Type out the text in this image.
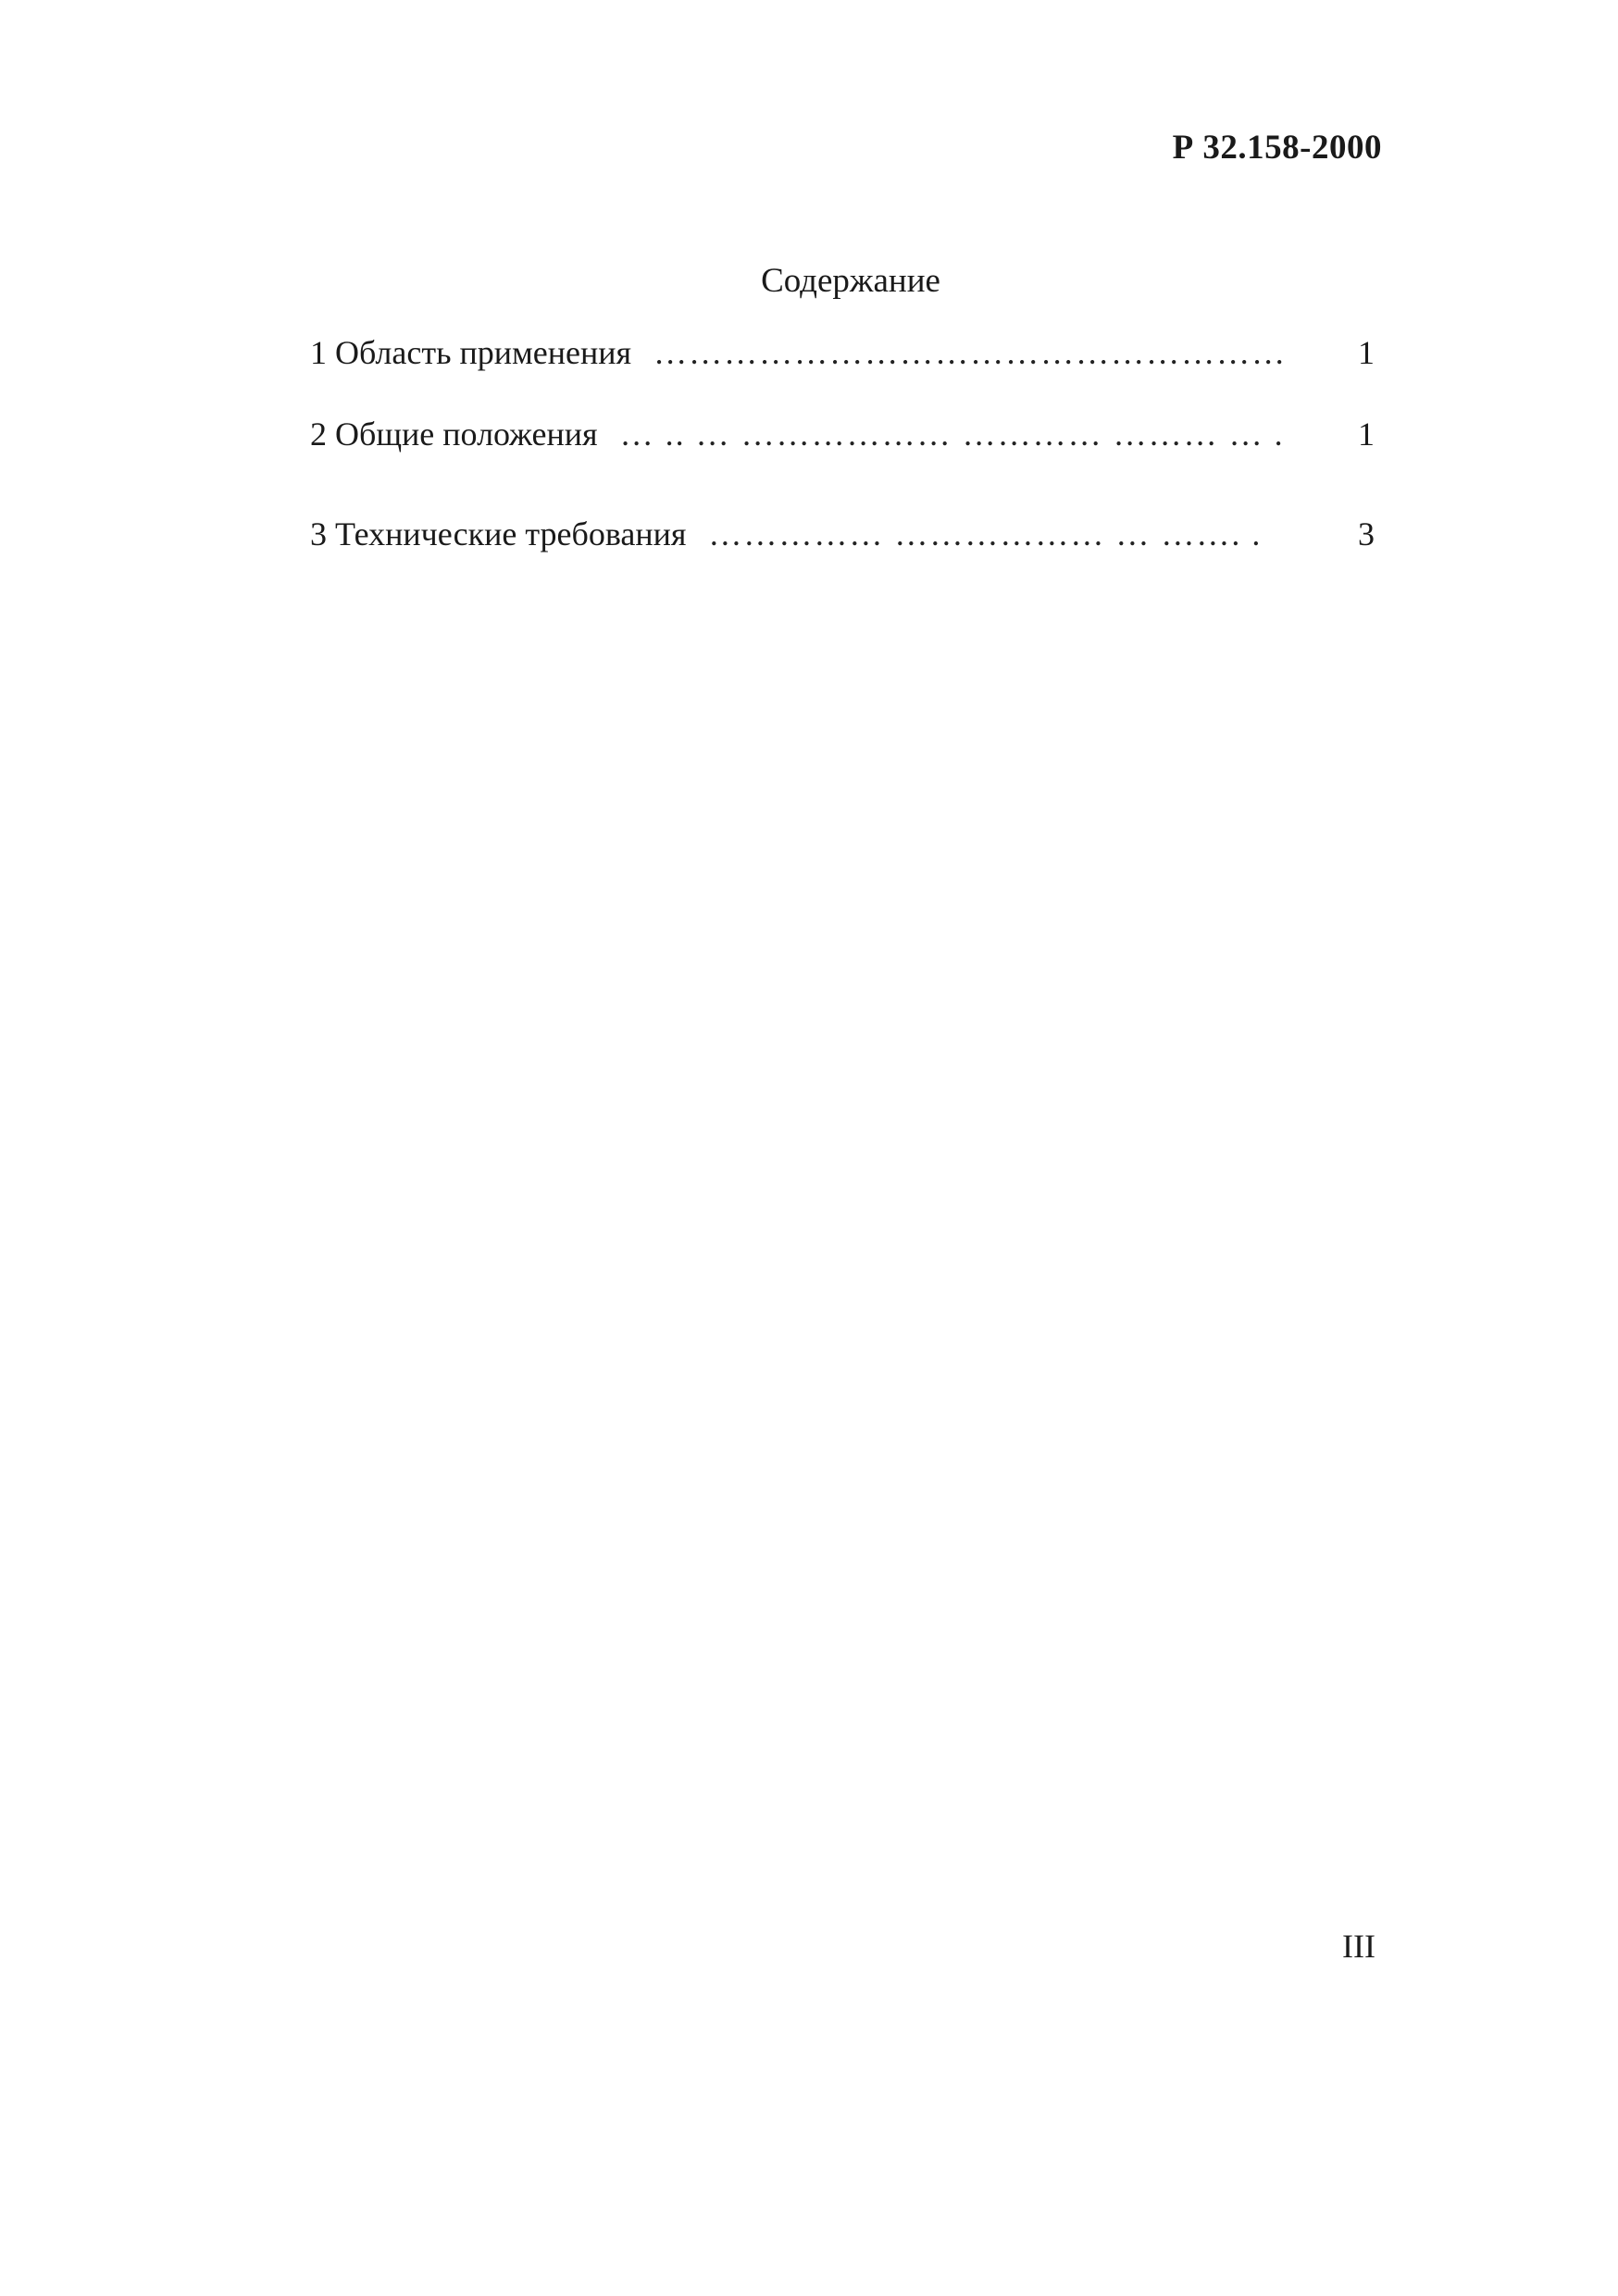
Р 32.158-2000
Содержание
1 Область применения ………………………………………………	1
2 Общие положения … .. … ……………… ………… ……… … .	1
3 Технические требования …………… ……………… … ……. .	3
III
